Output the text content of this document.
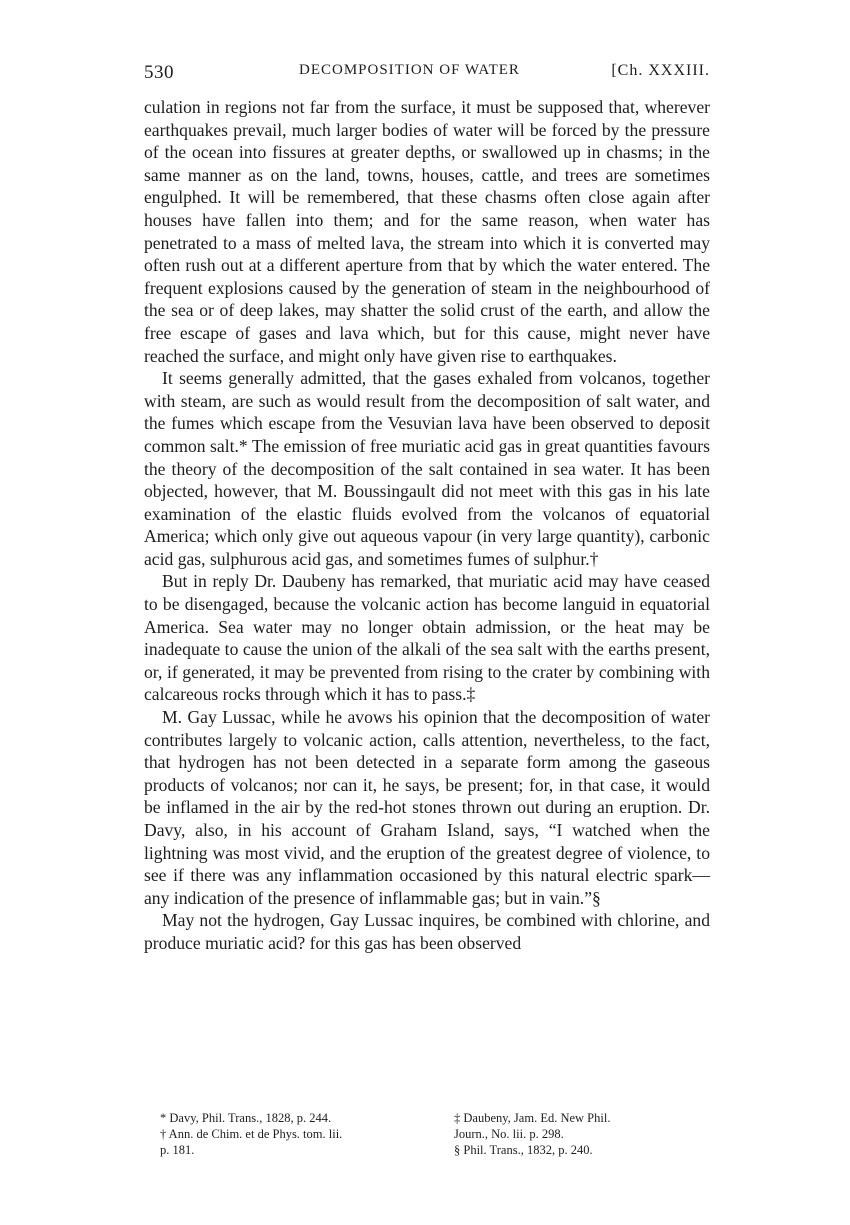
530	DECOMPOSITION OF WATER	[Ch. XXXIII.

culation in regions not far from the surface, it must be supposed that, wherever earthquakes prevail, much larger bodies of water will be forced by the pressure of the ocean into fissures at greater depths, or swallowed up in chasms; in the same manner as on the land, towns, houses, cattle, and trees are sometimes engulphed. It will be remembered, that these chasms often close again after houses have fallen into them; and for the same reason, when water has penetrated to a mass of melted lava, the stream into which it is converted may often rush out at a different aperture from that by which the water entered. The frequent explosions caused by the generation of steam in the neighbourhood of the sea or of deep lakes, may shatter the solid crust of the earth, and allow the free escape of gases and lava which, but for this cause, might never have reached the surface, and might only have given rise to earthquakes.

It seems generally admitted, that the gases exhaled from volcanos, together with steam, are such as would result from the decomposition of salt water, and the fumes which escape from the Vesuvian lava have been observed to deposit common salt.* The emission of free muriatic acid gas in great quantities favours the theory of the decomposition of the salt contained in sea water. It has been objected, however, that M. Boussingault did not meet with this gas in his late examination of the elastic fluids evolved from the volcanos of equatorial America; which only give out aqueous vapour (in very large quantity), carbonic acid gas, sulphurous acid gas, and sometimes fumes of sulphur.†

But in reply Dr. Daubeny has remarked, that muriatic acid may have ceased to be disengaged, because the volcanic action has become languid in equatorial America. Sea water may no longer obtain admission, or the heat may be inadequate to cause the union of the alkali of the sea salt with the earths present, or, if generated, it may be prevented from rising to the crater by combining with calcareous rocks through which it has to pass.‡

M. Gay Lussac, while he avows his opinion that the decomposition of water contributes largely to volcanic action, calls attention, nevertheless, to the fact, that hydrogen has not been detected in a separate form among the gaseous products of volcanos; nor can it, he says, be present; for, in that case, it would be inflamed in the air by the red-hot stones thrown out during an eruption. Dr. Davy, also, in his account of Graham Island, says, “I watched when the lightning was most vivid, and the eruption of the greatest degree of violence, to see if there was any inflammation occasioned by this natural electric spark—any indication of the presence of inflammable gas; but in vain.”§

May not the hydrogen, Gay Lussac inquires, be combined with chlorine, and produce muriatic acid? for this gas has been observed

* Davy, Phil. Trans., 1828, p. 244.
† Ann. de Chim. et de Phys. tom. lii.
p. 181.
‡ Daubeny, Jam. Ed. New Phil.
Journ., No. lii. p. 298.
§ Phil. Trans., 1832, p. 240.
